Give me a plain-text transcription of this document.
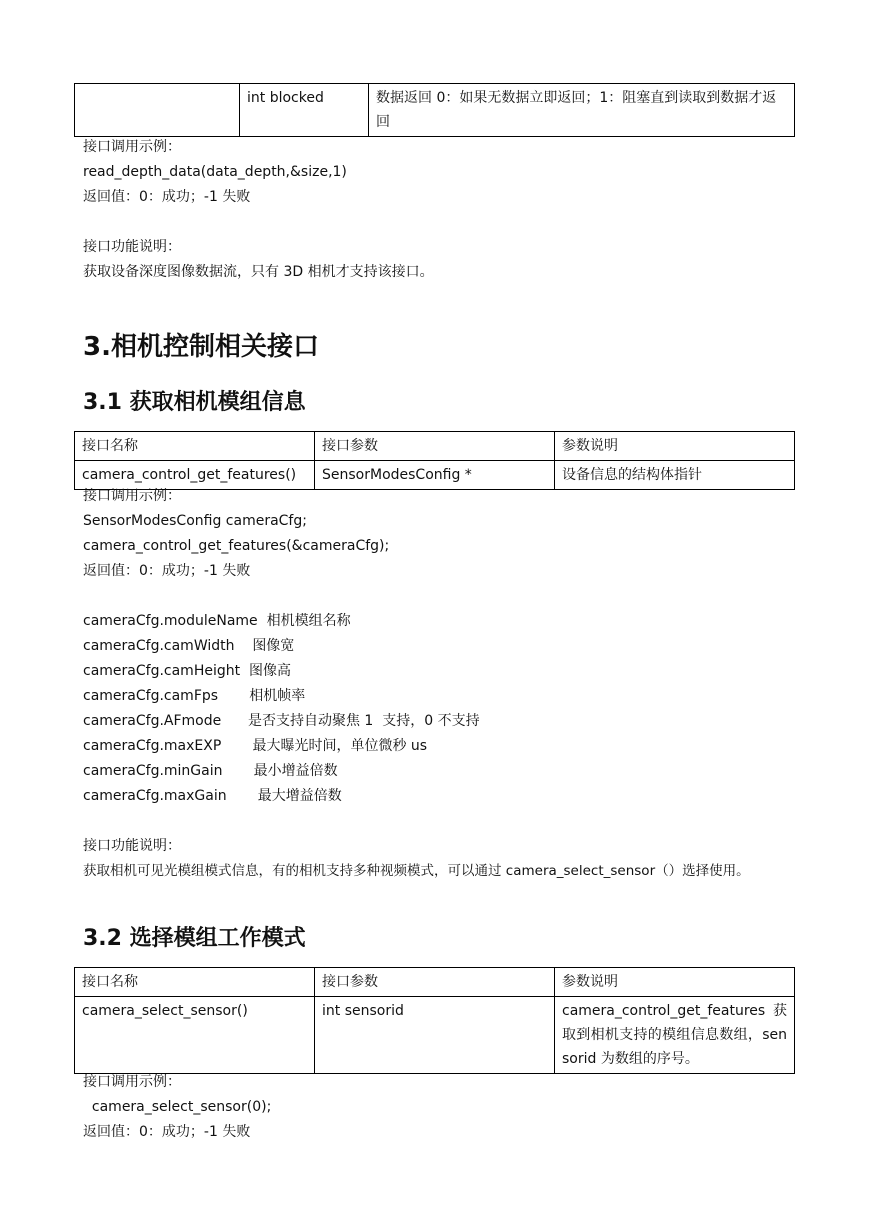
	int blocked	数据返回 0：如果无数据立即返回；1：阻塞直到读取到数据才返回
接口调用示例：
read_depth_data(data_depth,&size,1)
返回值：0：成功；-1 失败
接口功能说明：
获取设备深度图像数据流，只有 3D 相机才支持该接口。
3.相机控制相关接口
3.1 获取相机模组信息
接口名称	接口参数	参数说明
camera_control_get_features()	SensorModesConfig *	设备信息的结构体指针
接口调用示例：
SensorModesConfig cameraCfg;
camera_control_get_features(&cameraCfg);
返回值：0：成功；-1 失败
cameraCfg.moduleName 相机模组名称
cameraCfg.camWidth 图像宽
cameraCfg.camHeight 图像高
cameraCfg.camFps 相机帧率
cameraCfg.AFmode 是否支持自动聚焦 1  支持，0 不支持
cameraCfg.maxEXP 最大曝光时间，单位微秒 us
cameraCfg.minGain 最小增益倍数
cameraCfg.maxGain 最大增益倍数
接口功能说明：
获取相机可见光模组模式信息，有的相机支持多种视频模式，可以通过 camera_select_sensor（）选择使用。
3.2 选择模组工作模式
接口名称	接口参数	参数说明
camera_select_sensor()	int sensorid	camera_control_get_features 获取到相机支持的模组信息数组，sensorid 为数组的序号。
接口调用示例：
camera_select_sensor(0);
返回值：0：成功；-1 失败
